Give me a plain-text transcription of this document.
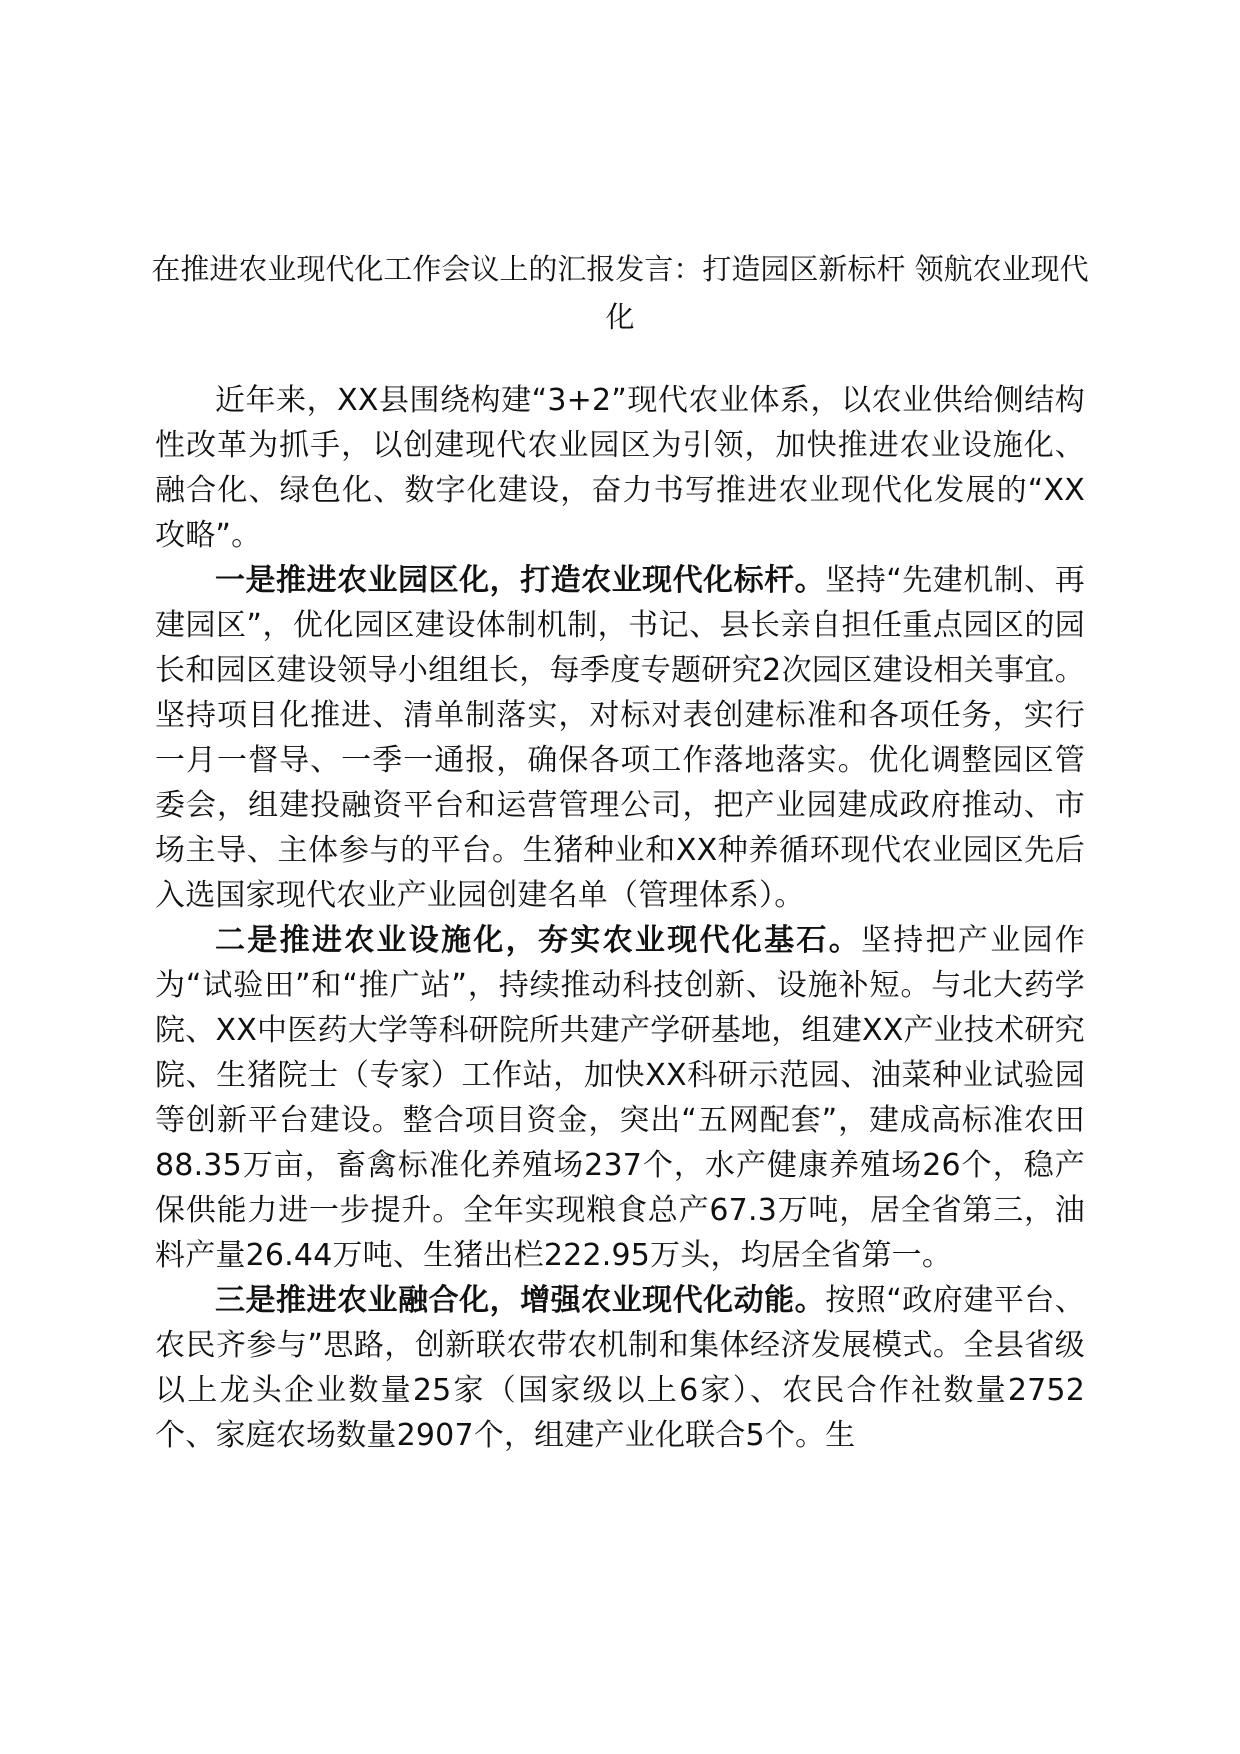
在推进农业现代化工作会议上的汇报发言：打造园区新标杆 领航农业现代化

近年来，XX县围绕构建“3+2”现代农业体系，以农业供给侧结构性改革为抓手，以创建现代农业园区为引领，加快推进农业设施化、融合化、绿色化、数字化建设，奋力书写推进农业现代化发展的“XX攻略”。

一是推进农业园区化，打造农业现代化标杆。坚持“先建机制、再建园区”，优化园区建设体制机制，书记、县长亲自担任重点园区的园长和园区建设领导小组组长，每季度专题研究2次园区建设相关事宜。坚持项目化推进、清单制落实，对标对表创建标准和各项任务，实行一月一督导、一季一通报，确保各项工作落地落实。优化调整园区管委会，组建投融资平台和运营管理公司，把产业园建成政府推动、市场主导、主体参与的平台。生猪种业和XX种养循环现代农业园区先后入选国家现代农业产业园创建名单（管理体系）。

二是推进农业设施化，夯实农业现代化基石。坚持把产业园作为“试验田”和“推广站”，持续推动科技创新、设施补短。与北大药学院、XX中医药大学等科研院所共建产学研基地，组建XX产业技术研究院、生猪院士（专家）工作站，加快XX科研示范园、油菜种业试验园等创新平台建设。整合项目资金，突出“五网配套”，建成高标准农田88.35万亩，畜禽标准化养殖场237个，水产健康养殖场26个，稳产保供能力进一步提升。全年实现粮食总产67.3万吨，居全省第三，油料产量26.44万吨、生猪出栏222.95万头，均居全省第一。

三是推进农业融合化，增强农业现代化动能。按照“政府建平台、农民齐参与”思路，创新联农带农机制和集体经济发展模式。全县省级以上龙头企业数量25家（国家级以上6家）、农民合作社数量2752个、家庭农场数量2907个，组建产业化联合5个。生
